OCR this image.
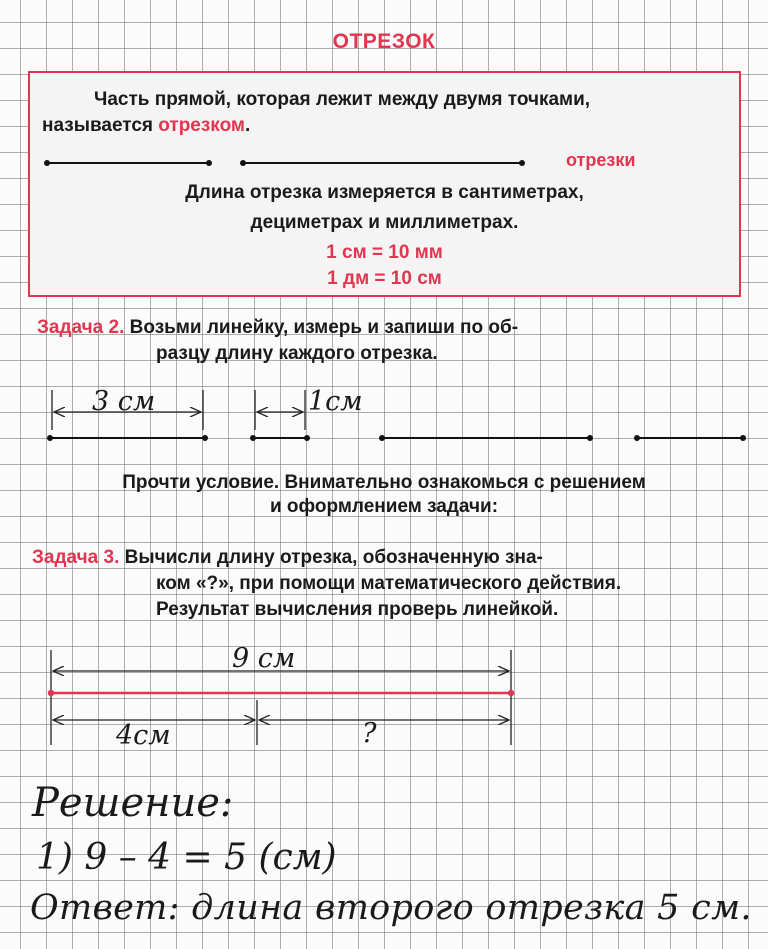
ОТРЕЗОК
Часть прямой, которая лежит между двумя точками,
называется отрезком.
отрезки
Длина отрезка измеряется в сантиметрах,
дециметрах и миллиметрах.
1 см = 10 мм
1 дм = 10 см
Задача 2. Возьми линейку, измерь и запиши по об-
разцу длину каждого отрезка.
3 см	1см
Прочти условие. Внимательно ознакомься с решением
и оформлением задачи:
Задача 3. Вычисли длину отрезка, обозначенную зна-
ком «?», при помощи математического действия.
Результат вычисления проверь линейкой.
9 см
4см	?
Решение:
1) 9 – 4 = 5 (см)
Ответ: длина второго отрезка 5 см.
